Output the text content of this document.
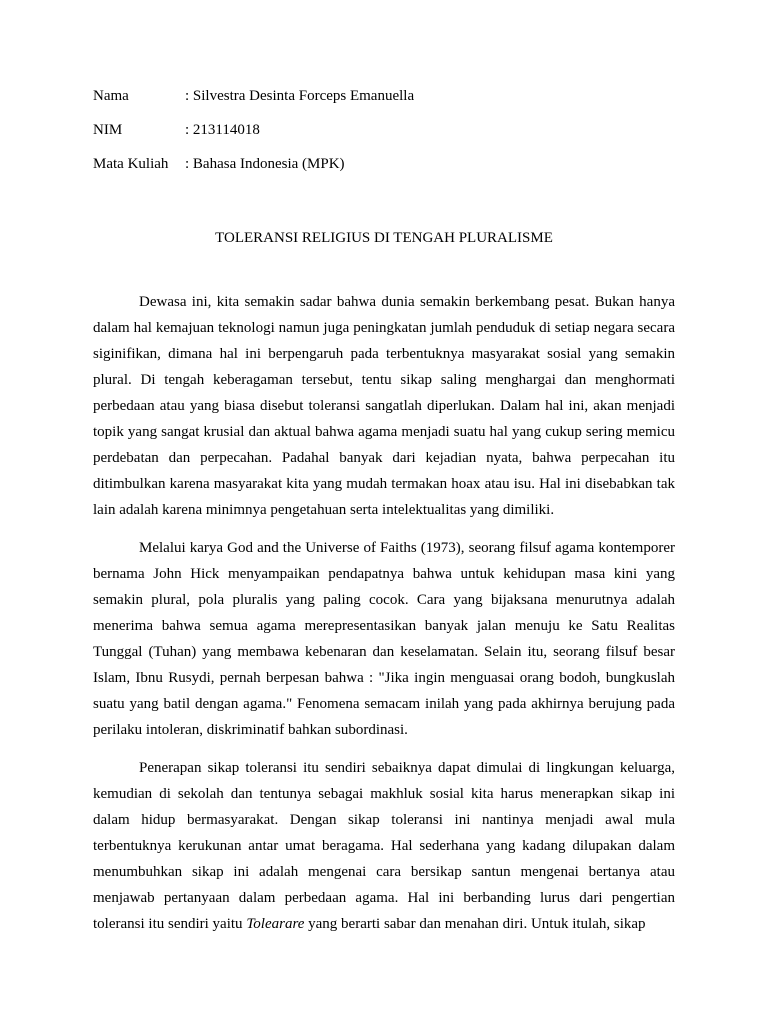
Nama	: Silvestra Desinta Forceps Emanuella
NIM	: 213114018
Mata Kuliah	: Bahasa Indonesia (MPK)
TOLERANSI RELIGIUS DI TENGAH PLURALISME

Dewasa ini, kita semakin sadar bahwa dunia semakin berkembang pesat. Bukan hanya dalam hal kemajuan teknologi namun juga peningkatan jumlah penduduk di setiap negara secara siginifikan, dimana hal ini berpengaruh pada terbentuknya masyarakat sosial yang semakin plural. Di tengah keberagaman tersebut, tentu sikap saling menghargai dan menghormati perbedaan atau yang biasa disebut toleransi sangatlah diperlukan. Dalam hal ini, akan menjadi topik yang sangat krusial dan aktual bahwa agama menjadi suatu hal yang cukup sering memicu perdebatan dan perpecahan. Padahal banyak dari kejadian nyata, bahwa perpecahan itu ditimbulkan karena masyarakat kita yang mudah termakan hoax atau isu. Hal ini disebabkan tak lain adalah karena minimnya pengetahuan serta intelektualitas yang dimiliki.

Melalui karya God and the Universe of Faiths (1973), seorang filsuf agama kontemporer bernama John Hick menyampaikan pendapatnya bahwa untuk kehidupan masa kini yang semakin plural, pola pluralis yang paling cocok. Cara yang bijaksana menurutnya adalah menerima bahwa semua agama merepresentasikan banyak jalan menuju ke Satu Realitas Tunggal (Tuhan) yang membawa kebenaran dan keselamatan. Selain itu, seorang filsuf besar Islam, Ibnu Rusydi, pernah berpesan bahwa : "Jika ingin menguasai orang bodoh, bungkuslah suatu yang batil dengan agama." Fenomena semacam inilah yang pada akhirnya berujung pada perilaku intoleran, diskriminatif bahkan subordinasi.

Penerapan sikap toleransi itu sendiri sebaiknya dapat dimulai di lingkungan keluarga, kemudian di sekolah dan tentunya sebagai makhluk sosial kita harus menerapkan sikap ini dalam hidup bermasyarakat. Dengan sikap toleransi ini nantinya menjadi awal mula terbentuknya kerukunan antar umat beragama. Hal sederhana yang kadang dilupakan dalam menumbuhkan sikap ini adalah mengenai cara bersikap santun mengenai bertanya atau menjawab pertanyaan dalam perbedaan agama. Hal ini berbanding lurus dari pengertian toleransi itu sendiri yaitu Tolearare yang berarti sabar dan menahan diri. Untuk itulah, sikap
